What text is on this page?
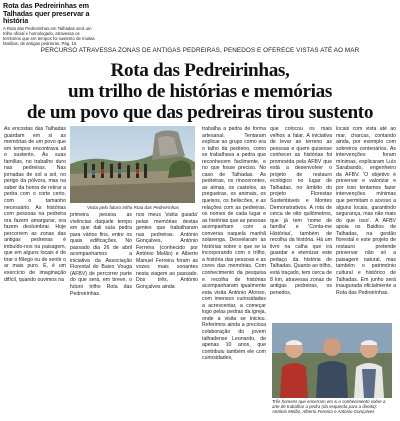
Rota das Pedreirinhas em Talhadas quer preservar a história
A Rota das Pedreirinhas em Talhadas será um trilho oficial e homologado, atravessa os territórios que em tempos foi sustento de muitas famílias, de antigas pedreiras. Pág. 16
PERCURSO ATRAVESSA ZONAS DE ANTIGAS PEDREIRAS, PENEDOS E OFERECE VISTAS ATÉ AO MAR
Rota das Pedreirinhas,
um trilho de histórias e memórias
de um povo que das pedreiras tirou sustento
As encostas das Talhadas guardam em si as memórias de um povo que em tempos encontrava ali o sustento. Às suas famílias, no trabalho duro nas pedreiras. Nas jornadas de sol a sol, no perigo da pólvora, mas na saber da honra de retirar a pedra com o corte certo, com o tamanho necessário. As histórias com pessoas na pedreira ora fazem amargurar, ora fazem deslumbrar. Hoje percorrem as zonas das antigas pedreiras é imbuído-nos na paisagem, que em alguns locais é de tirar o fôlego ou de sentir o ar mais puro. É, é um exercício de imaginação difícil, quando ouvimos na
Visita pelo futuro trilho Rota das Pedreirinhas
primeira pessoa as vivências daquele tempo em que dali saía pedra para vários fins, entre os quais edificações. No passado dia 26 de abril acompanhamos a iniciativa da Associação Florestal do Baixo Vouga (AFBV) de percorrer parte do que será, em breve, o futuro trilho Rota das Pedreirinhas.
nos meus 'visita guiada' pelas memórias destas gentes que trabalharam nas pedreiras. António Gonçalves, António Ferreira (conhecido por António Melão) e Alberto Manuel Ferreira foram as vozes mais sonantes nesta viagem ao passado. Dos três, António Gonçalves ainda
trabalha a pedra de forma artesanal. Tentaram explicar ao grupo como era o talho da pedreiro, como se trabalhava a pedra que reconhecem facilmente, e no que fosse preciso. No caso de Talhadas. As pedreiras, os rinocerontes, as almas, os castelos, as pregueiras, os animais, os queixos, os beliscões, e as relações com as pedreiras, os nomes de cada lugar e as histórias que as pessoas acompanham com a conversa naquela manhã solarenga. Desvelaram as histórias sobre o que se ia incorporando com o trilho, a história das pessoas e as cores das memórias. Com conhecimento da pesquisa e recolha de histórias acompanharam igualmente esta visita António Afonso, com imensos curiosidades a acrescentar, a começar logo pelas pedras da igreja, onde a visita se iniciou. Referimos ainda a preciosa colaboração do jovem talhadense Leonardo, de apenas 10 anos, que contribuiu também ele com curiosidades,
que colocou os mais velhos a falar. A iniciativa de levar ao terreno as pessoas e quem quisesse conhecer as histórias foi promovida pela AFBV que está a desenvolver o projeto de restauro ecológico no lugar de Talhadas, no âmbito do projeto Florestas Sustentáveis e Montes Demonstrativos. A rota de cerca de oito quilómetros, que já tem 'nome de família' e 'Conta-me Histórias', também de recolha da história. Há um livro na calha que irá guardar e eternizar este pedaço da história de Talhadas. Quanto ao trilho, está traçado, tem cerca de 8 km, atravessa zonas de antigas pedreiras, os penedos,
locais com vista até ao mar, charcas, contando ainda, por exemplo com sobreiros centenários. As intervenções foram mínimas, explicaram Luís Sarabando, engenheiro da AFBV. 'O objetivo é preservar e valorizar e por isso tentamos fazer intervenções mínimas que permitam o acesso a alguns locais, garantindo segurança, mas não mais do que isso'. A AFBV apoia os Baldios de Talhadas, na gestão florestal e este projeto de restauro pretende preservar não só a paisagem natural, mas também o património cultural e histórico de Talhadas. Em junho será inaugurada oficialmente a Rota das Pedreirinhas.
Três homens que encerram em si o conhecimento sobre a arte de trabalhar a pedra (da esquerda para a direita): António Melão, Alberto Ferreira e António Gonçalves
